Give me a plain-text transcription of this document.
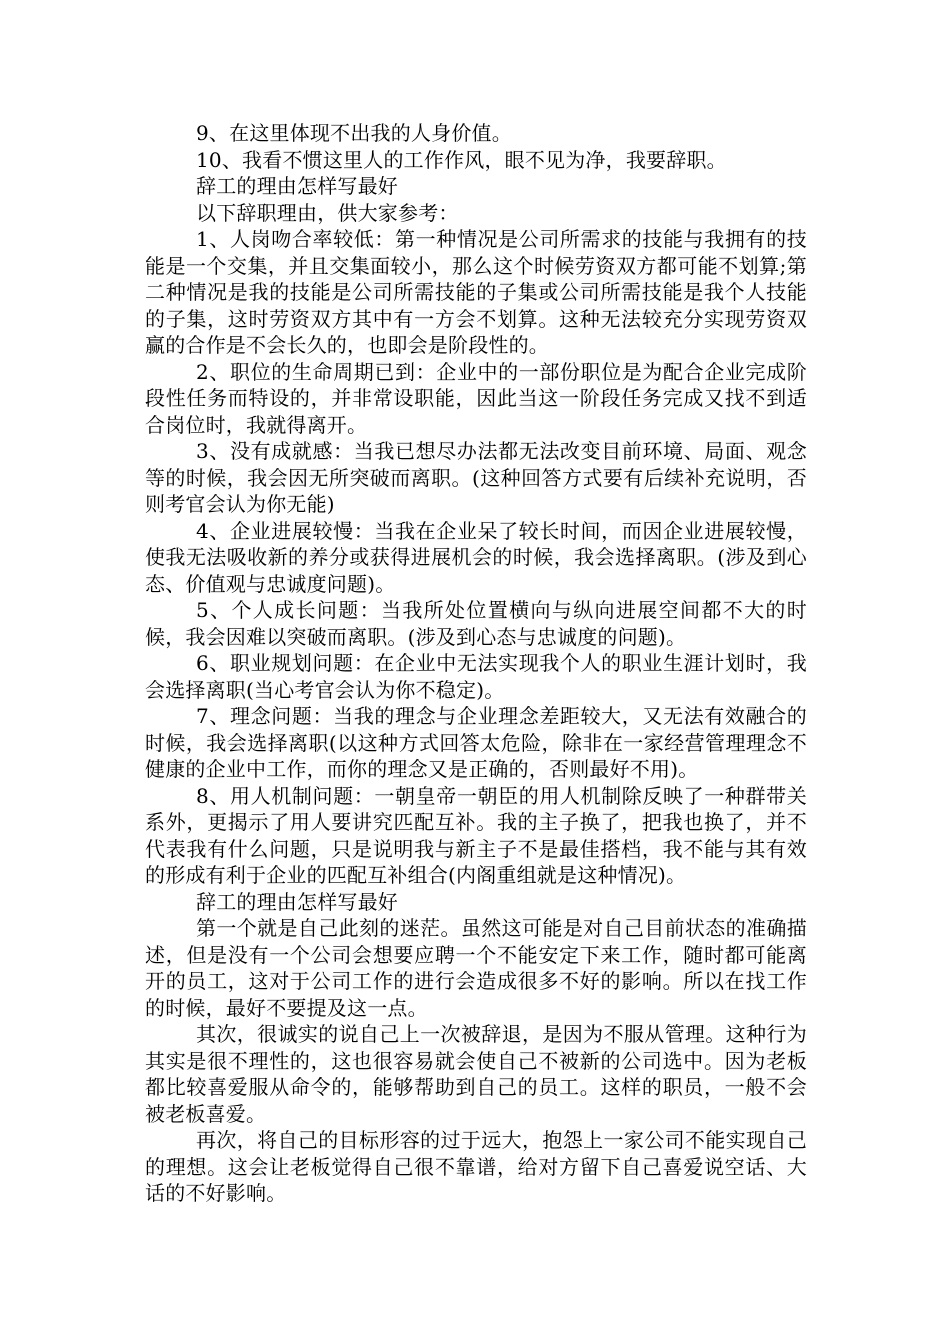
9、在这里体现不出我的人身价值。

10、我看不惯这里人的工作作风，眼不见为净，我要辞职。

辞工的理由怎样写最好

以下辞职理由，供大家参考：

1、人岗吻合率较低：第一种情况是公司所需求的技能与我拥有的技能是一个交集，并且交集面较小，那么这个时候劳资双方都可能不划算;第二种情况是我的技能是公司所需技能的子集或公司所需技能是我个人技能的子集，这时劳资双方其中有一方会不划算。这种无法较充分实现劳资双赢的合作是不会长久的，也即会是阶段性的。

2、职位的生命周期已到：企业中的一部份职位是为配合企业完成阶段性任务而特设的，并非常设职能，因此当这一阶段任务完成又找不到适合岗位时，我就得离开。

3、没有成就感：当我已想尽办法都无法改变目前环境、局面、观念等的时候，我会因无所突破而离职。(这种回答方式要有后续补充说明，否则考官会认为你无能)

4、企业进展较慢：当我在企业呆了较长时间，而因企业进展较慢，使我无法吸收新的养分或获得进展机会的时候，我会选择离职。(涉及到心态、价值观与忠诚度问题)。

5、个人成长问题：当我所处位置横向与纵向进展空间都不大的时候，我会因难以突破而离职。(涉及到心态与忠诚度的问题)。

6、职业规划问题：在企业中无法实现我个人的职业生涯计划时，我会选择离职(当心考官会认为你不稳定)。

7、理念问题：当我的理念与企业理念差距较大，又无法有效融合的时候，我会选择离职(以这种方式回答太危险，除非在一家经营管理理念不健康的企业中工作，而你的理念又是正确的，否则最好不用)。

8、用人机制问题：一朝皇帝一朝臣的用人机制除反映了一种群带关系外，更揭示了用人要讲究匹配互补。我的主子换了，把我也换了，并不代表我有什么问题，只是说明我与新主子不是最佳搭档，我不能与其有效的形成有利于企业的匹配互补组合(内阁重组就是这种情况)。

辞工的理由怎样写最好

第一个就是自己此刻的迷茫。虽然这可能是对自己目前状态的准确描述，但是没有一个公司会想要应聘一个不能安定下来工作，随时都可能离开的员工，这对于公司工作的进行会造成很多不好的影响。所以在找工作的时候，最好不要提及这一点。

其次，很诚实的说自己上一次被辞退，是因为不服从管理。这种行为其实是很不理性的，这也很容易就会使自己不被新的公司选中。因为老板都比较喜爱服从命令的，能够帮助到自己的员工。这样的职员，一般不会被老板喜爱。

再次，将自己的目标形容的过于远大，抱怨上一家公司不能实现自己的理想。这会让老板觉得自己很不靠谱，给对方留下自己喜爱说空话、大话的不好影响。
